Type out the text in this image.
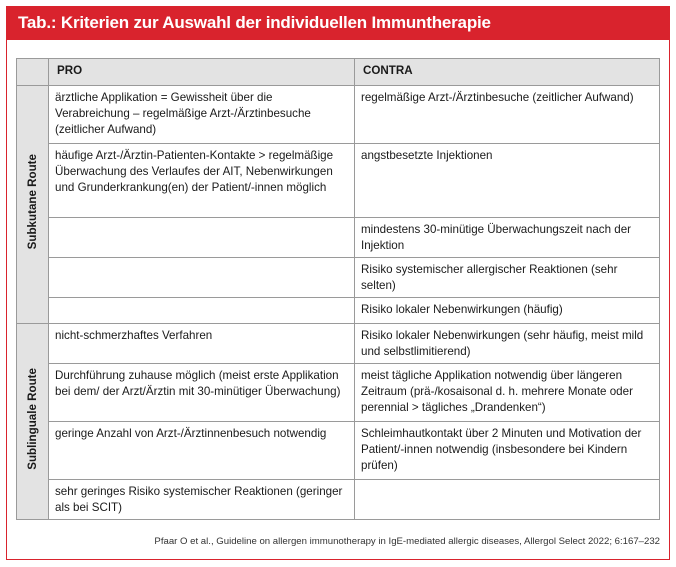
Tab.: Kriterien zur Auswahl der individuellen Immuntherapie
	PRO	CONTRA
Subkutane Route	ärztliche Applikation = Gewissheit über die Verabreichung – regelmäßige Arzt-/Ärztinbesuche (zeitlicher Aufwand)	regelmäßige Arzt-/Ärztinbesuche (zeitlicher Aufwand)
	häufige Arzt-/Ärztin-Patienten-Kontakte > regelmäßige Überwachung des Verlaufes der AIT, Nebenwirkungen und Grunderkrankung(en) der Patient/-innen möglich	angstbesetzte Injektionen
		mindestens 30-minütige Überwachungszeit nach der Injektion
		Risiko systemischer allergischer Reaktionen (sehr selten)
		Risiko lokaler Nebenwirkungen (häufig)
Sublinguale Route	nicht-schmerzhaftes Verfahren	Risiko lokaler Nebenwirkungen (sehr häufig, meist mild und selbstlimitierend)
	Durchführung zuhause möglich (meist erste Applikation bei dem/ der Arzt/Ärztin mit 30-minütiger Überwachung)	meist tägliche Applikation notwendig über längeren Zeitraum (prä-/kosaisonal d. h. mehrere Monate oder perennial > tägliches „Drandenken“)
	geringe Anzahl von Arzt-/Ärztinnenbesuch notwendig	Schleimhautkontakt über 2 Minuten und Motivation der Patient/-innen notwendig (insbesondere bei Kindern prüfen)
	sehr geringes Risiko systemischer Reaktionen (geringer als bei SCIT)	
Pfaar O et al., Guideline on allergen immunotherapy in IgE-mediated allergic diseases, Allergol Select 2022; 6:167–232
